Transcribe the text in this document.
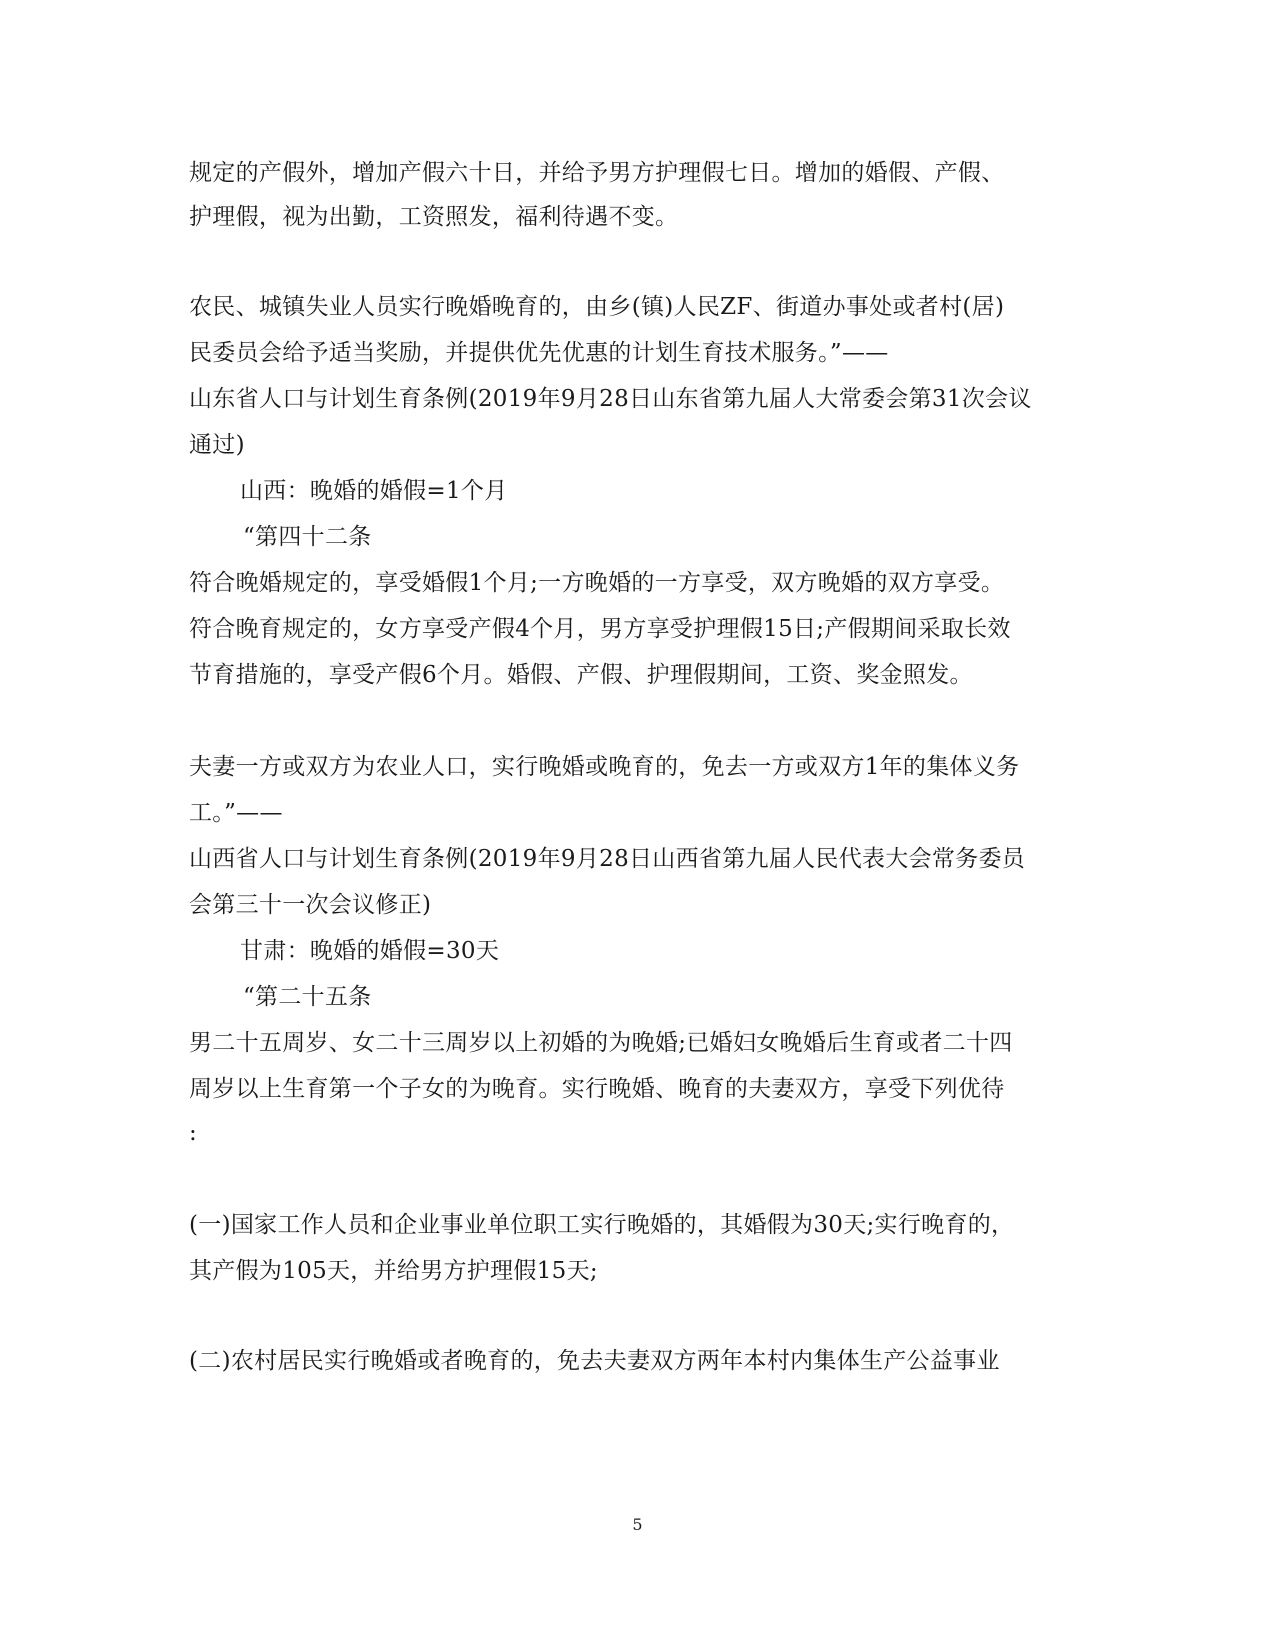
规定的产假外，增加产假六十日，并给予男方护理假七日。增加的婚假、产假、
护理假，视为出勤，工资照发，福利待遇不变。
农民、城镇失业人员实行晚婚晚育的，由乡(镇)人民ZF、街道办事处或者村(居)
民委员会给予适当奖励，并提供优先优惠的计划生育技术服务。”——
山东省人口与计划生育条例(2019年9月28日山东省第九届人大常委会第31次会议
通过)
山西：晚婚的婚假=1个月
“第四十二条
符合晚婚规定的，享受婚假1个月;一方晚婚的一方享受，双方晚婚的双方享受。
符合晚育规定的，女方享受产假4个月，男方享受护理假15日;产假期间采取长效
节育措施的，享受产假6个月。婚假、产假、护理假期间，工资、奖金照发。
夫妻一方或双方为农业人口，实行晚婚或晚育的，免去一方或双方1年的集体义务
工。”——
山西省人口与计划生育条例(2019年9月28日山西省第九届人民代表大会常务委员
会第三十一次会议修正)
甘肃：晚婚的婚假=30天
“第二十五条
男二十五周岁、女二十三周岁以上初婚的为晚婚;已婚妇女晚婚后生育或者二十四
周岁以上生育第一个子女的为晚育。实行晚婚、晚育的夫妻双方，享受下列优待
:
(一)国家工作人员和企业事业单位职工实行晚婚的，其婚假为30天;实行晚育的，
其产假为105天，并给男方护理假15天;
(二)农村居民实行晚婚或者晚育的，免去夫妻双方两年本村内集体生产公益事业
5
